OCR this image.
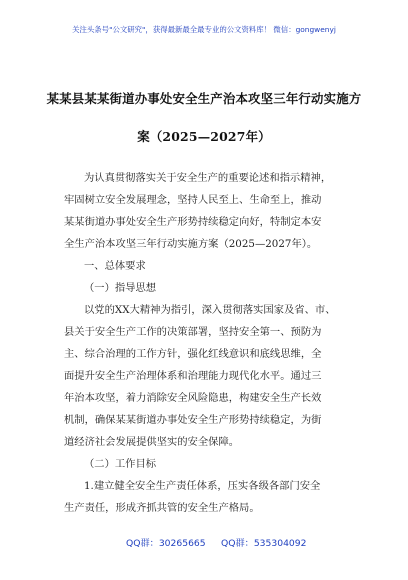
关注头条号"公文研究"，获得最新最全最专业的公文资料库！ 微信：gongwenyj
某某县某某街道办事处安全生产治本攻坚三年行动实施方
案（2025—2027年）
为认真贯彻落实关于安全生产的重要论述和指示精神，
牢固树立安全发展理念，坚持人民至上、生命至上，推动
某某街道办事处安全生产形势持续稳定向好，特制定本安
全生产治本攻坚三年行动实施方案（2025—2027年）。
一、总体要求
（一）指导思想
以党的XX大精神为指引，深入贯彻落实国家及省、市、
县关于安全生产工作的决策部署，坚持安全第一、预防为
主、综合治理的工作方针，强化红线意识和底线思维，全
面提升安全生产治理体系和治理能力现代化水平。通过三
年治本攻坚，着力消除安全风险隐患，构建安全生产长效
机制，确保某某街道办事处安全生产形势持续稳定，为街
道经济社会发展提供坚实的安全保障。
（二）工作目标
1.建立健全安全生产责任体系，压实各级各部门安全
生产责任，形成齐抓共管的安全生产格局。
QQ群：30265665 QQ群：535304092
